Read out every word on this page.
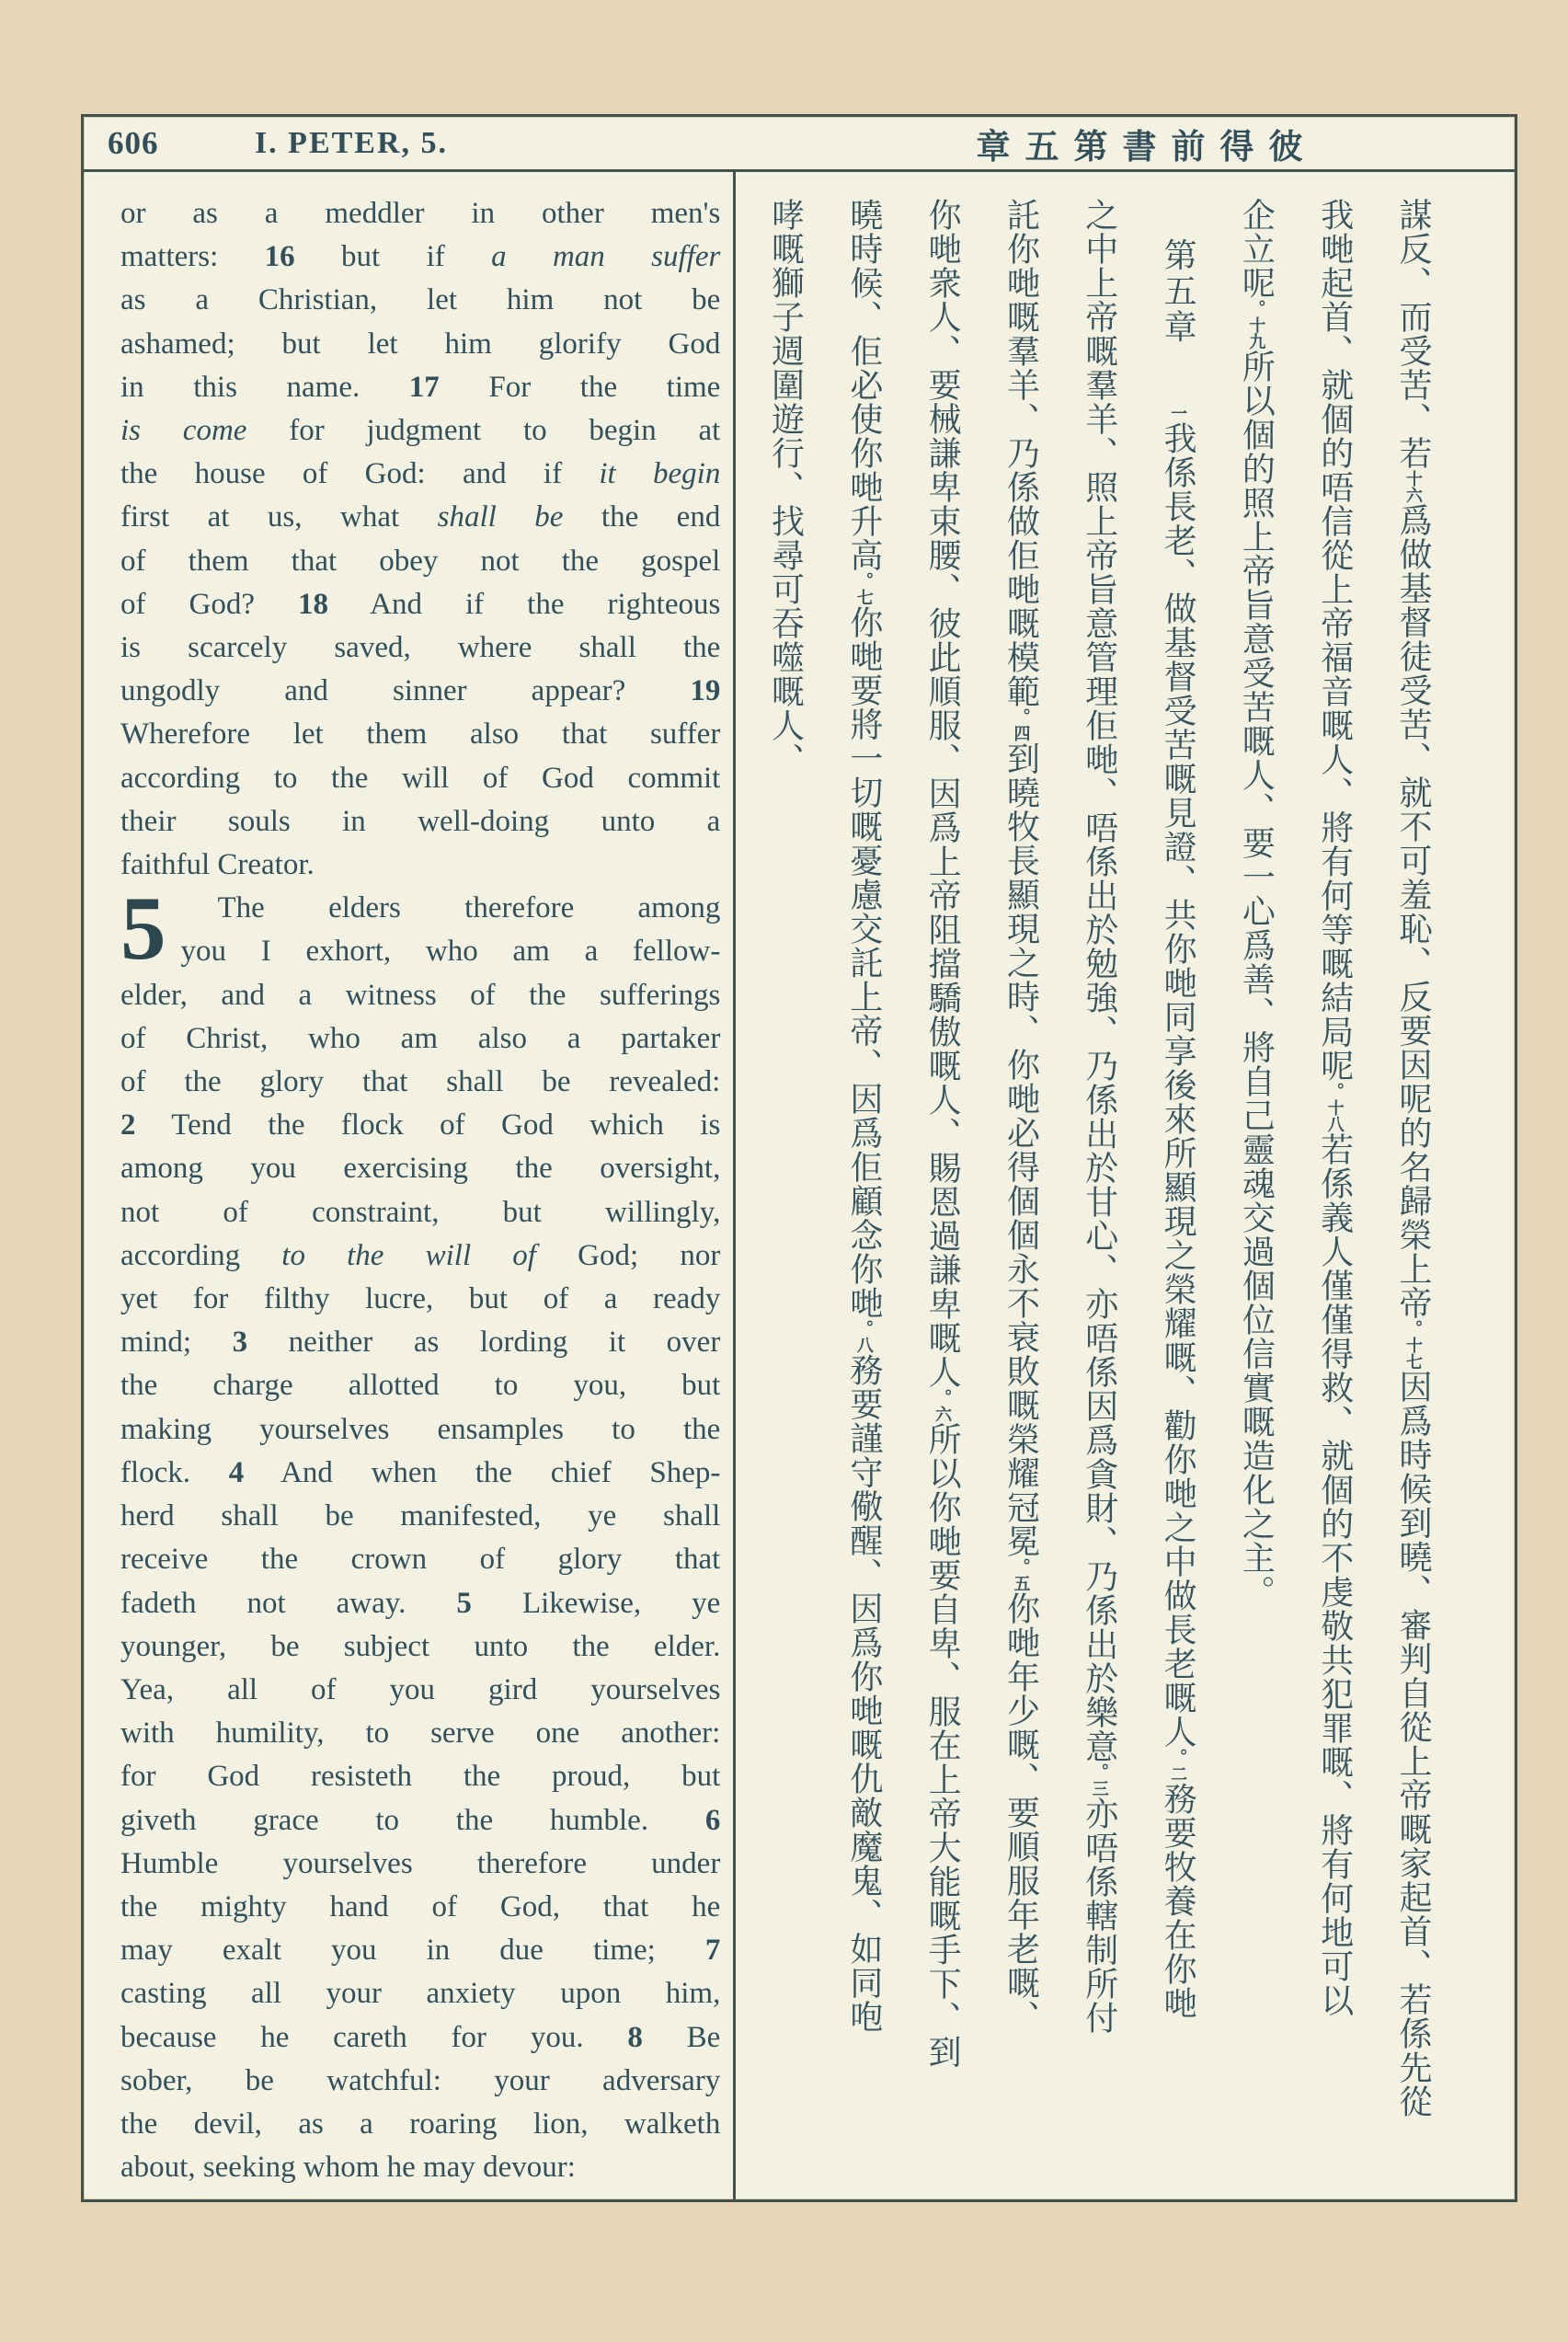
606	I. PETER, 5.	章五第書前得彼
or as a meddler in other men's
matters: 16 but if a man suffer
as a Christian, let him not be
ashamed; but let him glorify God
in this name. 17 For the time
is come for judgment to begin at
the house of God: and if it begin
first at us, what shall be the end
of them that obey not the gospel
of God? 18 And if the righteous
is scarcely saved, where shall the
ungodly and sinner appear? 19
Wherefore let them also that suffer
according to the will of God commit
their souls in well-doing unto a
faithful Creator.
5	The elders therefore among
you I exhort, who am a fellow-
elder, and a witness of the sufferings
of Christ, who am also a partaker
of the glory that shall be revealed:
2 Tend the flock of God which is
among you exercising the oversight,
not of constraint, but willingly,
according to the will of God; nor
yet for filthy lucre, but of a ready
mind; 3 neither as lording it over
the charge allotted to you, but
making yourselves ensamples to the
flock. 4 And when the chief Shep-
herd shall be manifested, ye shall
receive the crown of glory that
fadeth not away. 5 Likewise, ye
younger, be subject unto the elder.
Yea, all of you gird yourselves
with humility, to serve one another:
for God resisteth the proud, but
giveth grace to the humble. 6
Humble yourselves therefore under
the mighty hand of God, that he
may exalt you in due time; 7
casting all your anxiety upon him,
because he careth for you. 8 Be
sober, be watchful: your adversary
the devil, as a roaring lion, walketh
about, seeking whom he may devour:
謀反、而受苦、若十六爲做基督徒受苦、就不可羞恥、反要因呢的名歸榮上帝。十七因爲時候到曉、審判自從上帝嘅家起首、若係先從
我哋起首、就個的唔信從上帝福音嘅人、將有何等嘅結局呢。十八若係義人僅僅得救、就個的不虔敬共犯罪嘅、將有何地可以
企立呢。十九所以個的照上帝旨意受苦嘅人、要一心爲善、將自己靈魂交過個位信實嘅造化之主。
第五章一我係長老、做基督受苦嘅見證、共你哋同享後來所顯現之榮耀嘅、勸你哋之中做長老嘅人。二務要牧養在你哋
之中上帝嘅羣羊、照上帝旨意管理佢哋、唔係出於勉強、乃係出於甘心、亦唔係因爲貪財、乃係出於樂意。三亦唔係轄制所付
託你哋嘅羣羊、乃係做佢哋嘅模範。四到曉牧長顯現之時、你哋必得個個永不衰敗嘅榮耀冠冕。五你哋年少嘅、要順服年老嘅、
你哋衆人、要械謙卑束腰、彼此順服、因爲上帝阻擋驕傲嘅人、賜恩過謙卑嘅人。六所以你哋要自卑、服在上帝大能嘅手下、到
曉時候、佢必使你哋升高。七你哋要將一切嘅憂慮交託上帝、因爲佢顧念你哋。八務要謹守儆醒、因爲你哋嘅仇敵魔鬼、如同咆
哮嘅獅子週圍遊行、找尋可吞噬嘅人、
